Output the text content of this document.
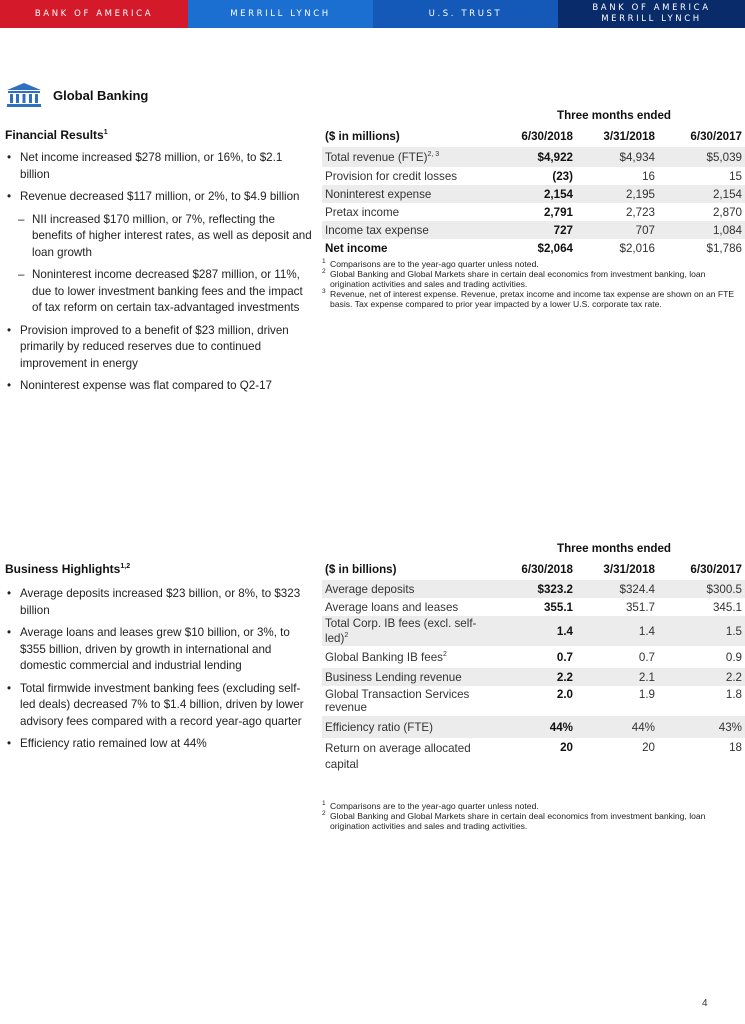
BANK OF AMERICA	MERRILL LYNCH	U.S. TRUST
BANK OF AMERICA
MERRILL LYNCH
Global Banking
Financial Results$^1$
• Net income increased $278 million, or 16%, to $2.1 billion
• Revenue decreased $117 million, or 2%, to $4.9 billion
– NII increased $170 million, or 7%, reflecting the benefits of higher interest rates, as well as deposit and loan growth
– Noninterest income decreased $287 million, or 11%, due to lower investment banking fees and the impact of tax reform on certain tax-advantaged investments
• Provision improved to a benefit of $23 million, driven primarily by reduced reserves due to continued improvement in energy
• Noninterest expense was flat compared to Q2-17
Three months ended
($ in millions)	6/30/2018	3/31/2018	6/30/2017
Total revenue (FTE)$^{2, 3}$	$4,922	$4,934	$5,039
Provision for credit losses	(23)	16	15
Noninterest expense	2,154	2,195	2,154
Pretax income	2,791	2,723	2,870
Income tax expense	727	707	1,084
Net income	$2,064	$2,016	$1,786
1 Comparisons are to the year-ago quarter unless noted.
2 Global Banking and Global Markets share in certain deal economics from investment banking, loan origination activities and sales and trading activities.
3 Revenue, net of interest expense. Revenue, pretax income and income tax expense are shown on an FTE basis. Tax expense compared to prior year impacted by a lower U.S. corporate tax rate.
Business Highlights$^{1,2}$
• Average deposits increased $23 billion, or 8%, to $323 billion
• Average loans and leases grew $10 billion, or 3%, to $355 billion, driven by growth in international and domestic commercial and industrial lending
• Total firmwide investment banking fees (excluding self-led deals) decreased 7% to $1.4 billion, driven by lower advisory fees compared with a record year-ago quarter
• Efficiency ratio remained low at 44%
Three months ended
($ in billions)	6/30/2018	3/31/2018	6/30/2017
Average deposits	$323.2	$324.4	$300.5
Average loans and leases	355.1	351.7	345.1
Total Corp. IB fees (excl. self-led)$^2$	1.4	1.4	1.5
Global Banking IB fees$^2$	0.7	0.7	0.9
Business Lending revenue	2.2	2.1	2.2
Global Transaction Services revenue	2.0	1.9	1.8
Efficiency ratio (FTE)	44%	44%	43%
Return on average allocated capital	20	20	18
1 Comparisons are to the year-ago quarter unless noted.
2 Global Banking and Global Markets share in certain deal economics from investment banking, loan origination activities and sales and trading activities.
4
